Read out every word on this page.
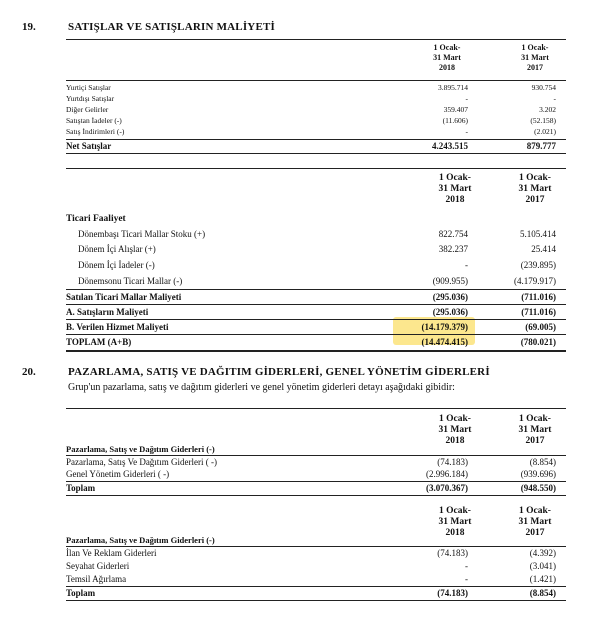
19.	SATIŞLAR VE SATIŞLARIN MALİYETİ
1 Ocak-
31 Mart
2018
1 Ocak-
31 Mart
2017
Yurtiçi Satışlar	3.895.714	930.754
Yurtdışı Satışlar	-	-
Diğer Gelirler	359.407	3.202
Satıştan İadeler (-)	(11.606)	(52.158)
Satış İndirimleri (-)	-	(2.021)
Net Satışlar	4.243.515	879.777
1 Ocak-
31 Mart
2018
1 Ocak-
31 Mart
2017
Ticari Faaliyet
Dönembaşı Ticari Mallar Stoku (+)	822.754	5.105.414
Dönem İçi Alışlar (+)	382.237	25.414
Dönem İçi İadeler (-)	-	(239.895)
Dönemsonu Ticari Mallar (-)	(909.955)	(4.179.917)
Satılan Ticari Mallar Maliyeti	(295.036)	(711.016)
A. Satışların Maliyeti	(295.036)	(711.016)
B. Verilen Hizmet Maliyeti	(14.179.379)	(69.005)
TOPLAM (A+B)	(14.474.415)	(780.021)
20.	PAZARLAMA, SATIŞ VE DAĞITIM GİDERLERİ, GENEL YÖNETİM GİDERLERİ
Grup'un pazarlama, satış ve dağıtım giderleri ve genel yönetim giderleri detayı aşağıdaki gibidir:
1 Ocak-
31 Mart
2018
1 Ocak-
31 Mart
2017
Pazarlama, Satış ve Dağıtım Giderleri (-)
Pazarlama, Satış Ve Dağıtım Giderleri ( -)	(74.183)	(8.854)
Genel Yönetim Giderleri ( -)	(2.996.184)	(939.696)
Toplam	(3.070.367)	(948.550)
1 Ocak-
31 Mart
2018
1 Ocak-
31 Mart
2017
Pazarlama, Satış ve Dağıtım Giderleri (-)
İlan Ve Reklam Giderleri	(74.183)	(4.392)
Seyahat Giderleri	-	(3.041)
Temsil Ağırlama	-	(1.421)
Toplam	(74.183)	(8.854)
